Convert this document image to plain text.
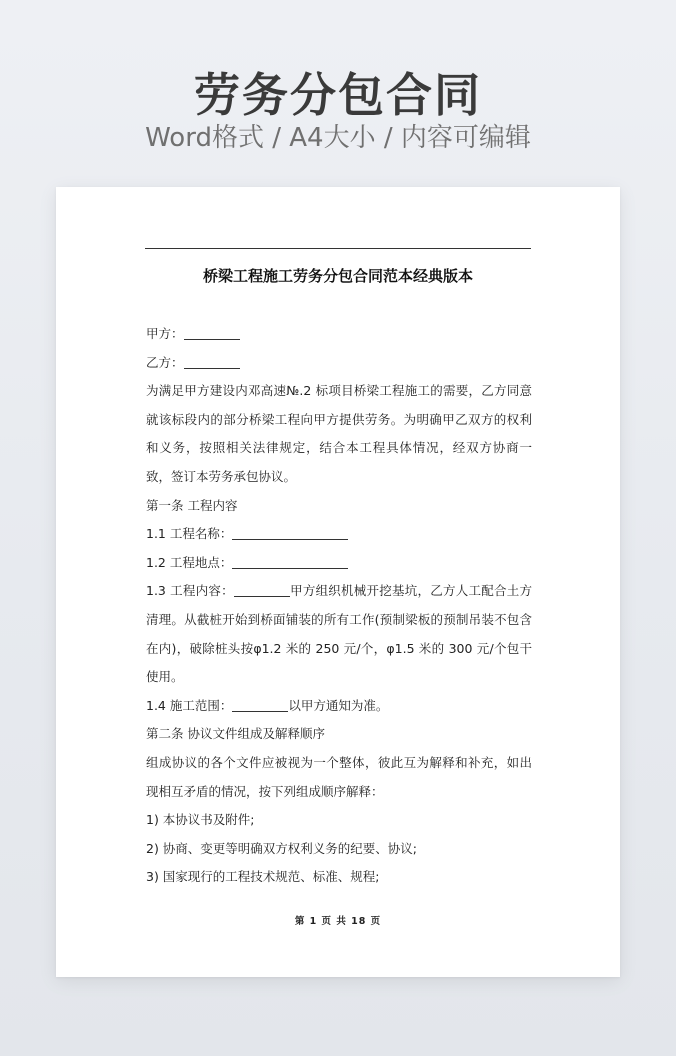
劳务分包合同
Word格式 / A4大小 / 内容可编辑
桥梁工程施工劳务分包合同范本经典版本

甲方：

乙方：

为满足甲方建设内邓高速№.2 标项目桥梁工程施工的需要，乙方同意就该标段内的部分桥梁工程向甲方提供劳务。为明确甲乙双方的权利和义务，按照相关法律规定，结合本工程具体情况，经双方协商一致，签订本劳务承包协议。

第一条 工程内容

1.1 工程名称：

1.2 工程地点：

1.3 工程内容：	甲方组织机械开挖基坑，乙方人工配合土方清理。从截桩开始到桥面铺装的所有工作(预制梁板的预制吊装不包含在内)，破除桩头按φ1.2 米的 250 元/个，φ1.5 米的 300 元/个包干使用。

1.4 施工范围：	以甲方通知为准。

第二条 协议文件组成及解释顺序

组成协议的各个文件应被视为一个整体，彼此互为解释和补充，如出现相互矛盾的情况，按下列组成顺序解释：

1) 本协议书及附件;

2) 协商、变更等明确双方权利义务的纪要、协议;

3) 国家现行的工程技术规范、标准、规程;

第 1 页 共 18 页
